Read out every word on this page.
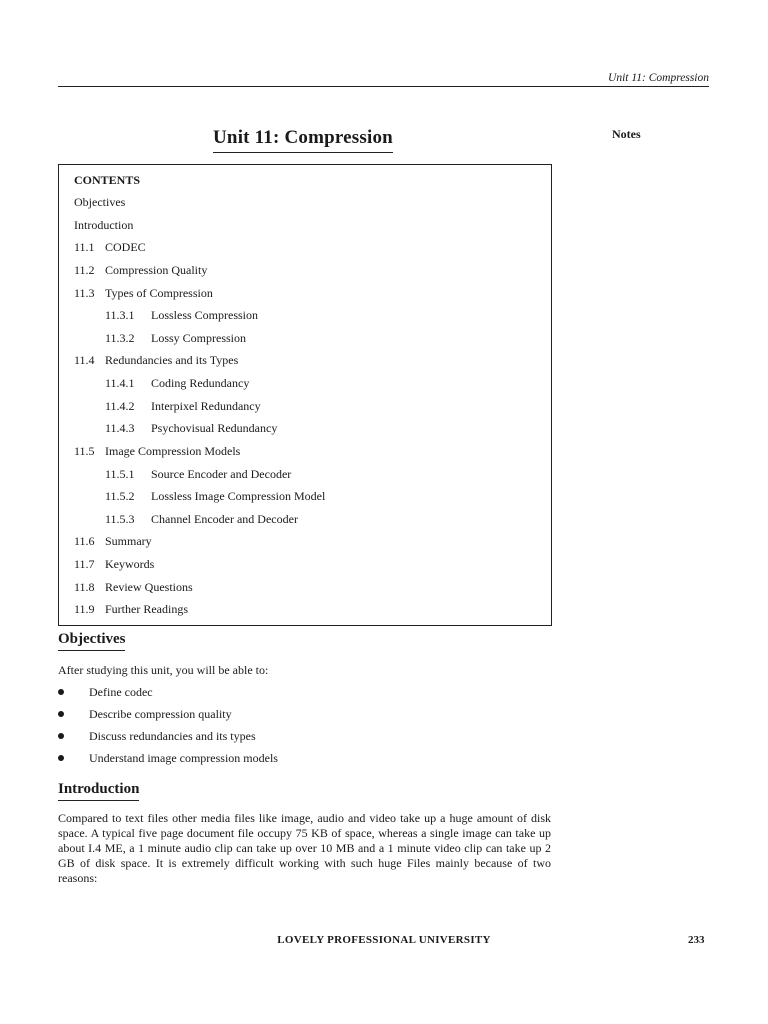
Unit 11: Compression
Unit 11: Compression	Notes
CONTENTS
Objectives
Introduction
11.1 CODEC
11.2 Compression Quality
11.3 Types of Compression
11.3.1 Lossless Compression
11.3.2 Lossy Compression
11.4 Redundancies and its Types
11.4.1 Coding Redundancy
11.4.2 Interpixel Redundancy
11.4.3 Psychovisual Redundancy
11.5 Image Compression Models
11.5.1 Source Encoder and Decoder
11.5.2 Lossless Image Compression Model
11.5.3 Channel Encoder and Decoder
11.6 Summary
11.7 Keywords
11.8 Review Questions
11.9 Further Readings
Objectives
After studying this unit, you will be able to:
Define codec
Describe compression quality
Discuss redundancies and its types
Understand image compression models
Introduction
Compared to text files other media files like image, audio and video take up a huge amount of disk space. A typical five page document file occupy 75 KB of space, whereas a single image can take up about I.4 ME, a 1 minute audio clip can take up over 10 MB and a 1 minute video clip can take up 2 GB of disk space. It is extremely difficult working with such huge Files mainly because of two reasons:
LOVELY PROFESSIONAL UNIVERSITY	233
